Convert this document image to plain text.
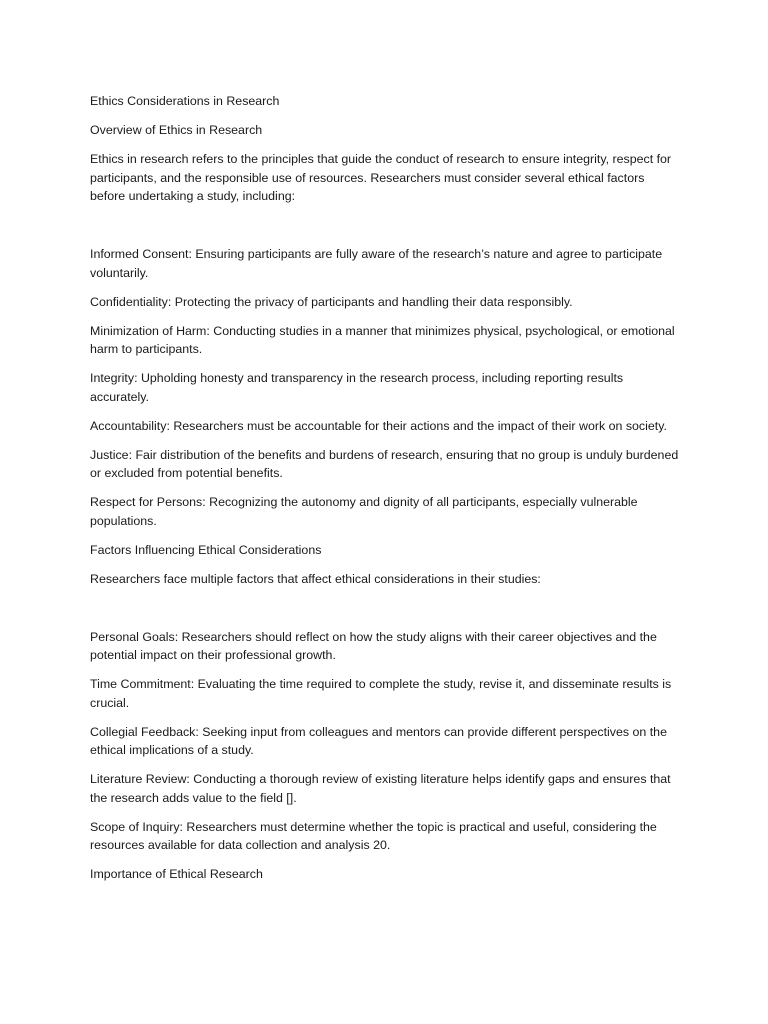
Ethics Considerations in Research

Overview of Ethics in Research

Ethics in research refers to the principles that guide the conduct of research to ensure integrity, respect for participants, and the responsible use of resources. Researchers must consider several ethical factors before undertaking a study, including:

Informed Consent: Ensuring participants are fully aware of the research’s nature and agree to participate voluntarily.

Confidentiality: Protecting the privacy of participants and handling their data responsibly.

Minimization of Harm: Conducting studies in a manner that minimizes physical, psychological, or emotional harm to participants.

Integrity: Upholding honesty and transparency in the research process, including reporting results accurately.

Accountability: Researchers must be accountable for their actions and the impact of their work on society.

Justice: Fair distribution of the benefits and burdens of research, ensuring that no group is unduly burdened or excluded from potential benefits.

Respect for Persons: Recognizing the autonomy and dignity of all participants, especially vulnerable populations.

Factors Influencing Ethical Considerations

Researchers face multiple factors that affect ethical considerations in their studies:

Personal Goals: Researchers should reflect on how the study aligns with their career objectives and the potential impact on their professional growth.

Time Commitment: Evaluating the time required to complete the study, revise it, and disseminate results is crucial.

Collegial Feedback: Seeking input from colleagues and mentors can provide different perspectives on the ethical implications of a study.

Literature Review: Conducting a thorough review of existing literature helps identify gaps and ensures that the research adds value to the field [].

Scope of Inquiry: Researchers must determine whether the topic is practical and useful, considering the resources available for data collection and analysis 20.

Importance of Ethical Research
